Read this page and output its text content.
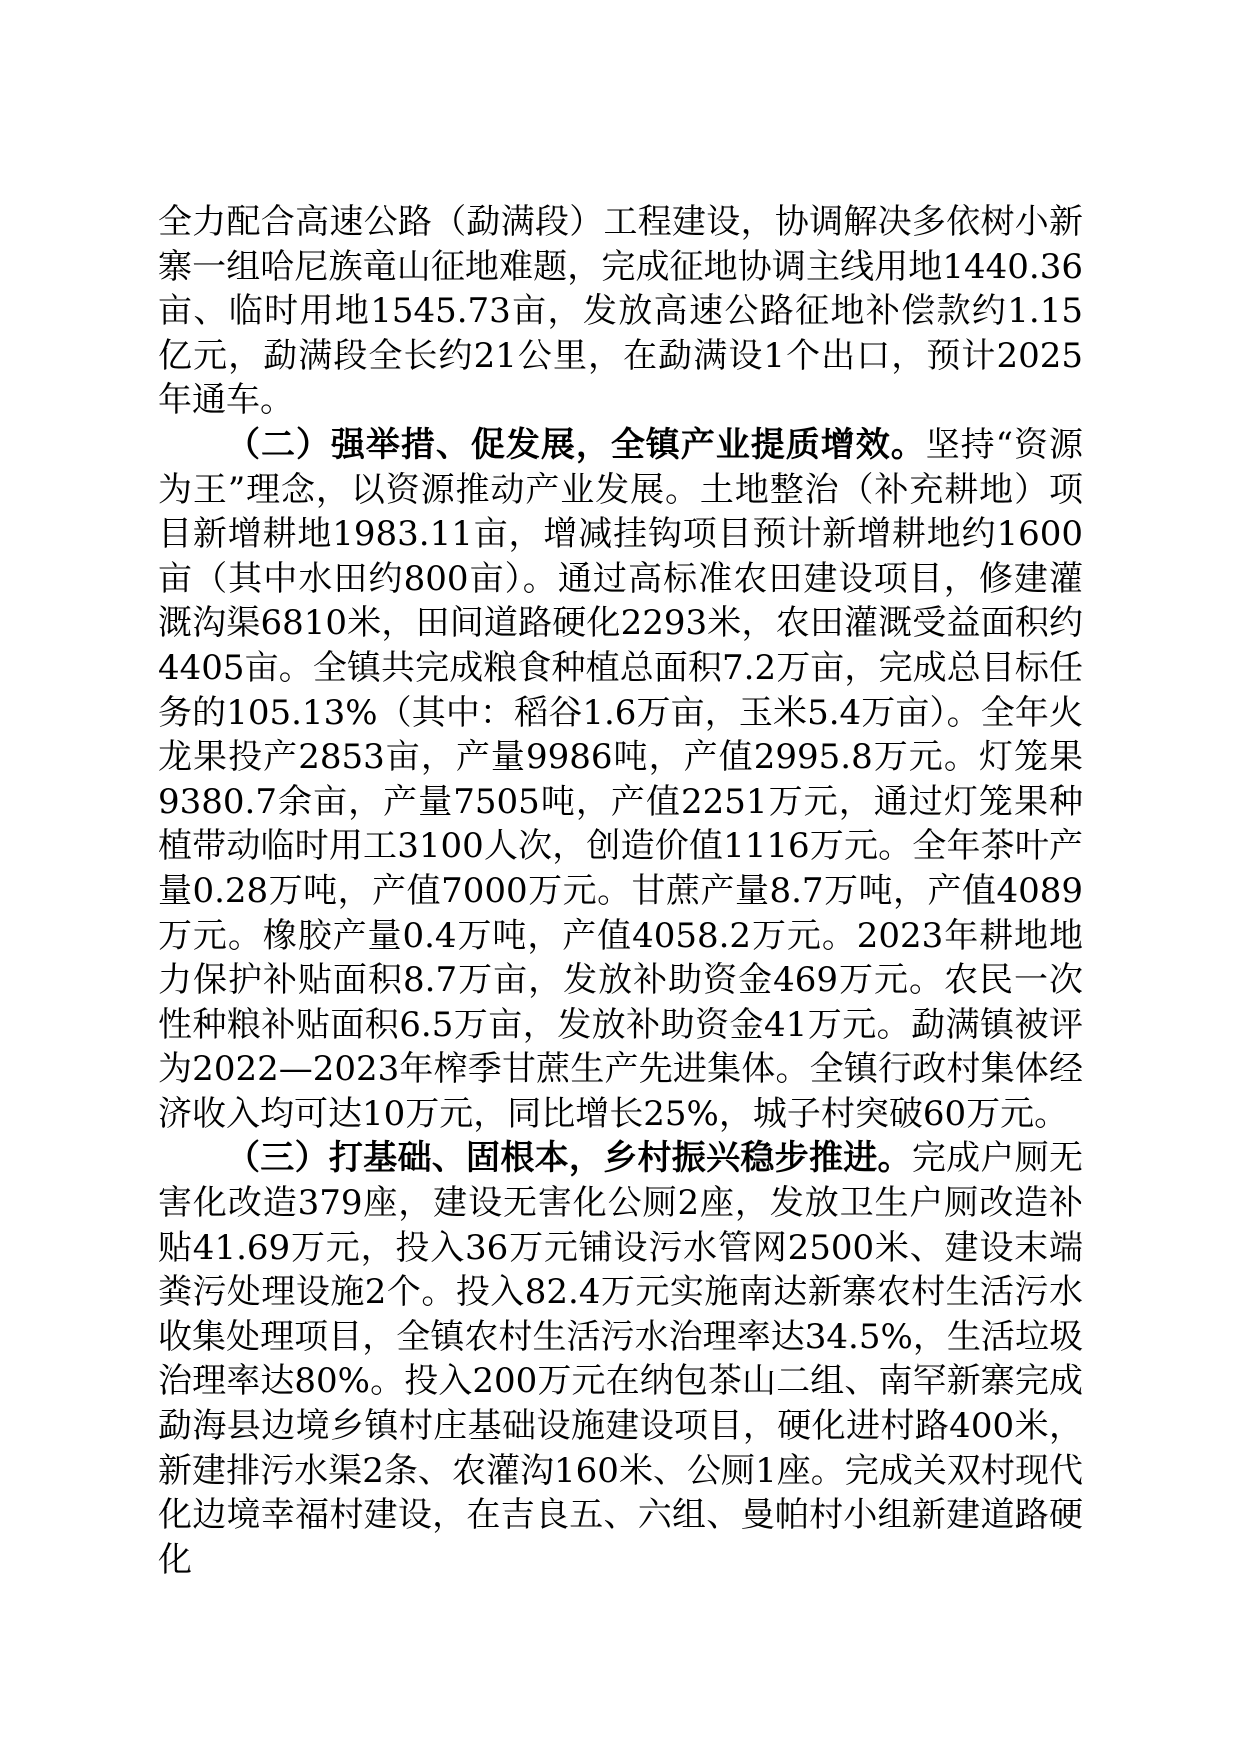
全力配合高速公路（勐满段）工程建设，协调解决多依树小新寨一组哈尼族竜山征地难题，完成征地协调主线用地1440.36亩、临时用地1545.73亩，发放高速公路征地补偿款约1.15亿元，勐满段全长约21公里，在勐满设1个出口，预计2025年通车。

（二）强举措、促发展，全镇产业提质增效。坚持“资源为王”理念，以资源推动产业发展。土地整治（补充耕地）项目新增耕地1983.11亩，增减挂钩项目预计新增耕地约1600亩（其中水田约800亩）。通过高标准农田建设项目，修建灌溉沟渠6810米，田间道路硬化2293米，农田灌溉受益面积约4405亩。全镇共完成粮食种植总面积7.2万亩，完成总目标任务的105.13%（其中：稻谷1.6万亩，玉米5.4万亩）。全年火龙果投产2853亩，产量9986吨，产值2995.8万元。灯笼果9380.7余亩，产量7505吨，产值2251万元，通过灯笼果种植带动临时用工3100人次，创造价值1116万元。全年茶叶产量0.28万吨，产值7000万元。甘蔗产量8.7万吨，产值4089万元。橡胶产量0.4万吨，产值4058.2万元。2023年耕地地力保护补贴面积8.7万亩，发放补助资金469万元。农民一次性种粮补贴面积6.5万亩，发放补助资金41万元。勐满镇被评为2022—2023年榨季甘蔗生产先进集体。全镇行政村集体经济收入均可达10万元，同比增长25%，城子村突破60万元。

（三）打基础、固根本，乡村振兴稳步推进。完成户厕无害化改造379座，建设无害化公厕2座，发放卫生户厕改造补贴41.69万元，投入36万元铺设污水管网2500米、建设末端粪污处理设施2个。投入82.4万元实施南达新寨农村生活污水收集处理项目，全镇农村生活污水治理率达34.5%，生活垃圾治理率达80%。投入200万元在纳包茶山二组、南罕新寨完成勐海县边境乡镇村庄基础设施建设项目，硬化进村路400米，新建排污水渠2条、农灌沟160米、公厕1座。完成关双村现代化边境幸福村建设，在吉良五、六组、曼帕村小组新建道路硬化
